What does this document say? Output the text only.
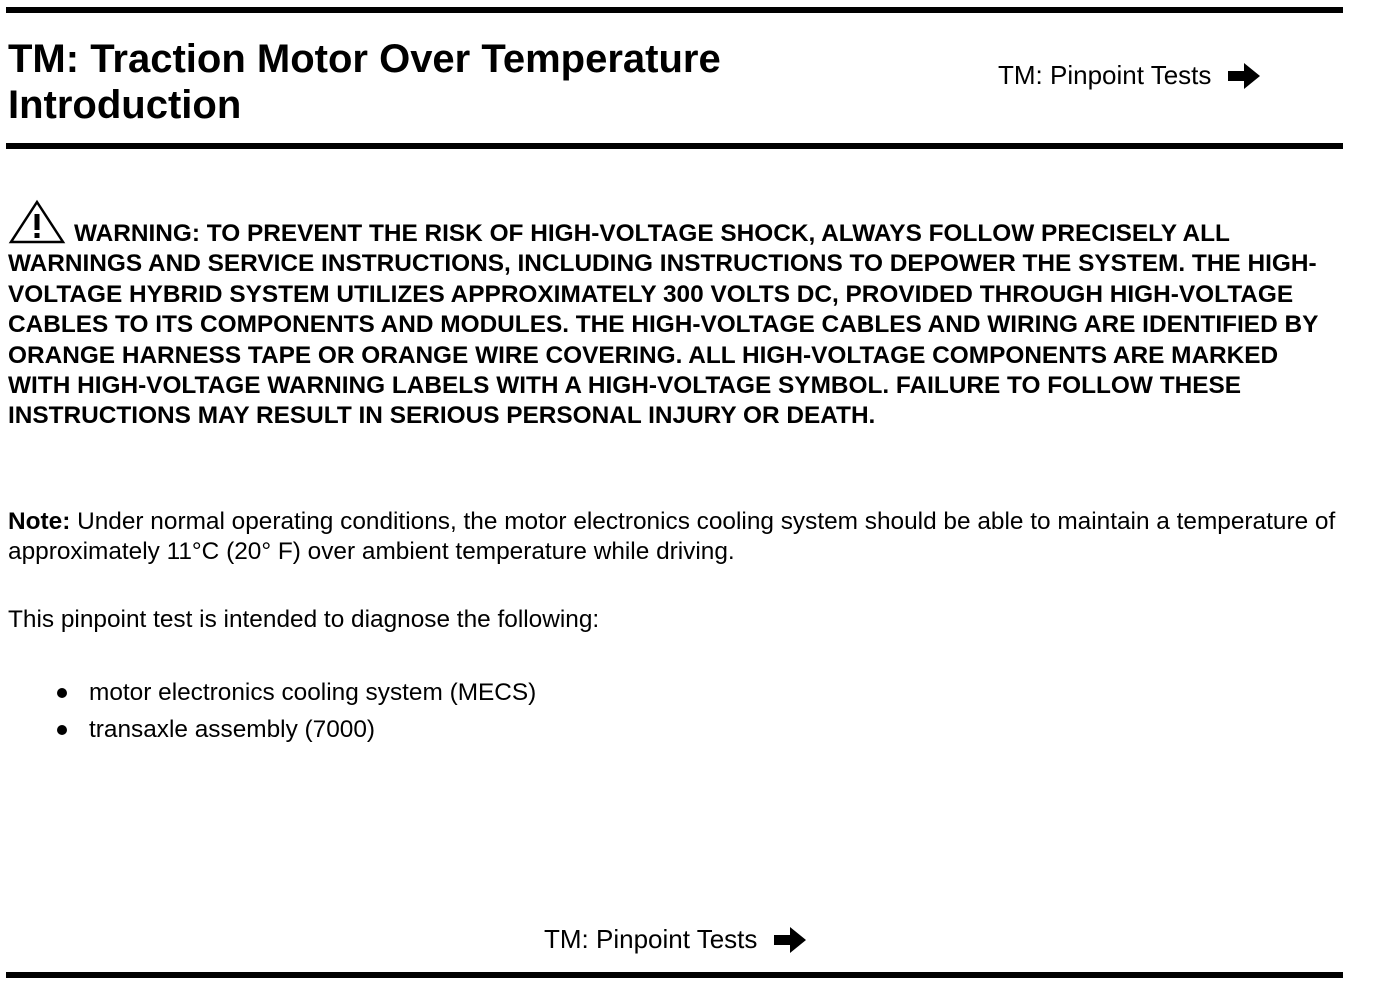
TM: Traction Motor Over Temperature
Introduction
TM: Pinpoint Tests

WARNING: TO PREVENT THE RISK OF HIGH-VOLTAGE SHOCK, ALWAYS FOLLOW PRECISELY ALL WARNINGS AND SERVICE INSTRUCTIONS, INCLUDING INSTRUCTIONS TO DEPOWER THE SYSTEM. THE HIGH-VOLTAGE HYBRID SYSTEM UTILIZES APPROXIMATELY 300 VOLTS DC, PROVIDED THROUGH HIGH-VOLTAGE CABLES TO ITS COMPONENTS AND MODULES. THE HIGH-VOLTAGE CABLES AND WIRING ARE IDENTIFIED BY ORANGE HARNESS TAPE OR ORANGE WIRE COVERING. ALL HIGH-VOLTAGE COMPONENTS ARE MARKED WITH HIGH-VOLTAGE WARNING LABELS WITH A HIGH-VOLTAGE SYMBOL. FAILURE TO FOLLOW THESE INSTRUCTIONS MAY RESULT IN SERIOUS PERSONAL INJURY OR DEATH.

Note: Under normal operating conditions, the motor electronics cooling system should be able to maintain a temperature of approximately 11°C (20° F) over ambient temperature while driving.

This pinpoint test is intended to diagnose the following:

motor electronics cooling system (MECS)
transaxle assembly (7000)
TM: Pinpoint Tests
